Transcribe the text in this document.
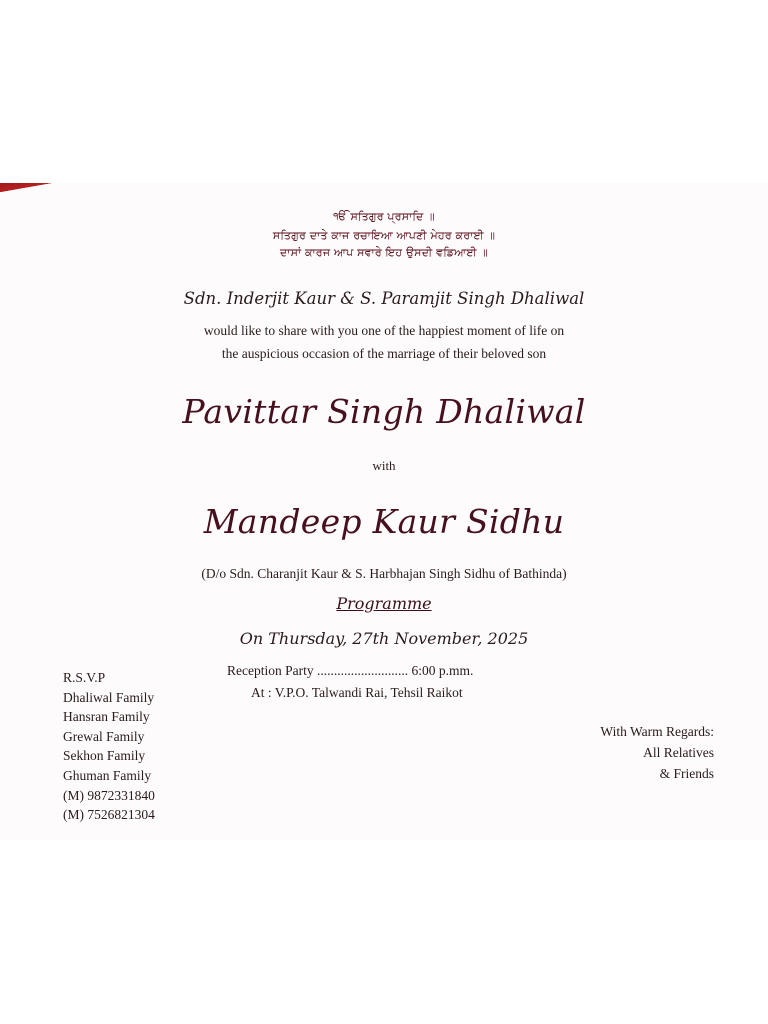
ੴ ਸਤਿਗੁਰ ਪ੍ਰਸਾਦਿ ॥
ਸਤਿਗੁਰ ਦਾਤੇ ਕਾਜ ਰਚਾਇਆ ਆਪਣੀ ਮੇਹਰ ਕਰਾਈ ॥
ਦਾਸਾਂ ਕਾਰਜ ਆਪ ਸਵਾਰੇ ਇਹ ਉਸਦੀ ਵਡਿਆਈ ॥
Sdn. Inderjit Kaur & S. Paramjit Singh Dhaliwal
would like to share with you one of the happiest moment of life on
the auspicious occasion of the marriage of their beloved son
Pavittar Singh Dhaliwal
with
Mandeep Kaur Sidhu
(D/o Sdn. Charanjit Kaur & S. Harbhajan Singh Sidhu of Bathinda)
Programme
On Thursday, 27th November, 2025
Reception Party ........................... 6:00 p.mm.
At : V.P.O. Talwandi Rai, Tehsil Raikot
R.S.V.P
Dhaliwal Family
Hansran Family
Grewal Family
Sekhon Family
Ghuman Family
(M) 9872331840
(M) 7526821304
With Warm Regards:
All Relatives
& Friends
